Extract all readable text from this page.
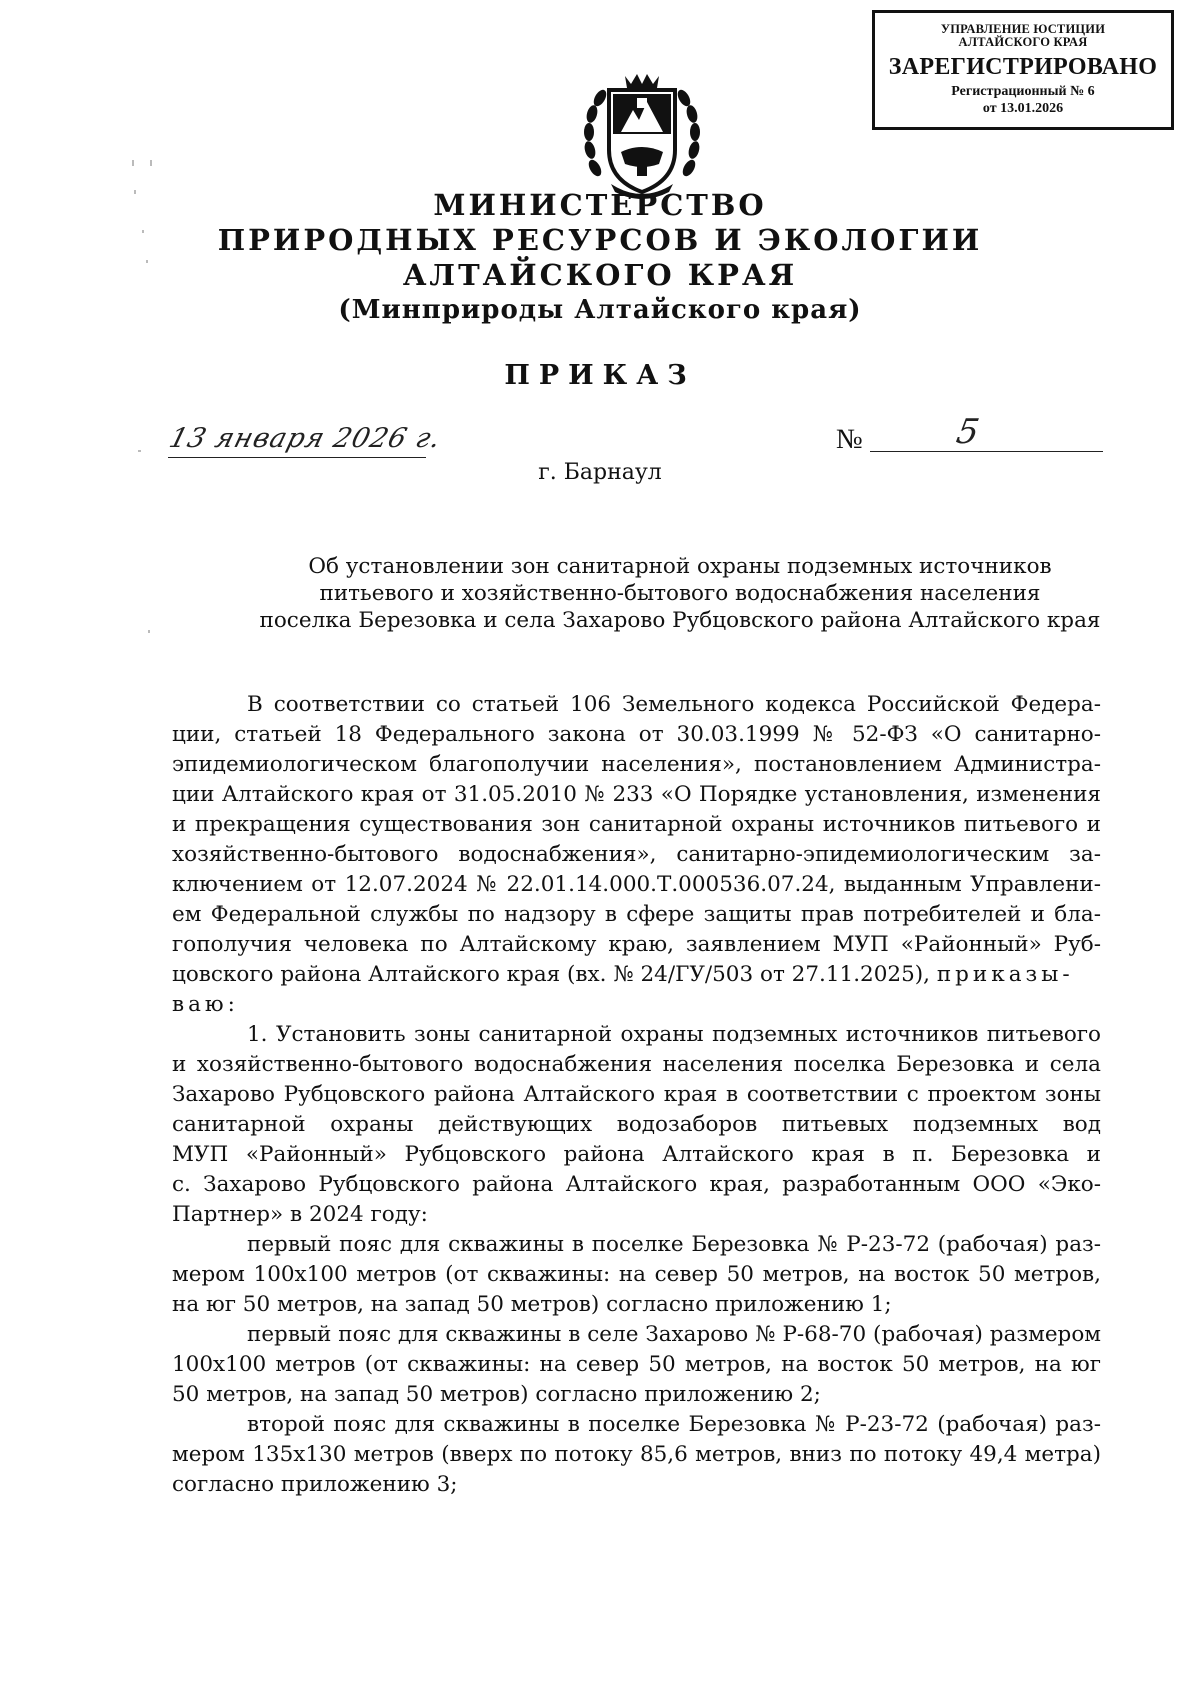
УПРАВЛЕНИЕ ЮСТИЦИИ
АЛТАЙСКОГО КРАЯ
ЗАРЕГИСТРИРОВАНО
Регистрационный № 6
от 13.01.2026
МИНИСТЕРСТВО
ПРИРОДНЫХ РЕСУРСОВ И ЭКОЛОГИИ
АЛТАЙСКОГО КРАЯ
(Минприроды Алтайского края)
ПРИКАЗ
13 января 2026 г.	№	5
г. Барнаул
Об установлении зон санитарной охраны подземных источников
питьевого и хозяйственно-бытового водоснабжения населения
поселка Березовка и села Захарово Рубцовского района Алтайского края
В соответствии со статьей 106 Земельного кодекса Российской Федера-
ции, статьей 18 Федерального закона от 30.03.1999 № 52-ФЗ «О санитарно-
эпидемиологическом благополучии населения», постановлением Администра-
ции Алтайского края от 31.05.2010 № 233 «О Порядке установления, изменения
и прекращения существования зон санитарной охраны источников питьевого и
хозяйственно-бытового водоснабжения», санитарно-эпидемиологическим за-
ключением от 12.07.2024 № 22.01.14.000.Т.000536.07.24, выданным Управлени-
ем Федеральной службы по надзору в сфере защиты прав потребителей и бла-
гополучия человека по Алтайскому краю, заявлением МУП «Районный» Руб-
цовского района Алтайского края (вх. № 24/ГУ/503 от 27.11.2025), приказы-
ваю:
1. Установить зоны санитарной охраны подземных источников питьевого
и хозяйственно-бытового водоснабжения населения поселка Березовка и села
Захарово Рубцовского района Алтайского края в соответствии с проектом зоны
санитарной охраны действующих водозаборов питьевых подземных вод
МУП «Районный» Рубцовского района Алтайского края в п. Березовка и
с. Захарово Рубцовского района Алтайского края, разработанным ООО «Эко-
Партнер» в 2024 году:
первый пояс для скважины в поселке Березовка № Р-23-72 (рабочая) раз-
мером 100х100 метров (от скважины: на север 50 метров, на восток 50 метров,
на юг 50 метров, на запад 50 метров) согласно приложению 1;
первый пояс для скважины в селе Захарово № Р-68-70 (рабочая) размером
100х100 метров (от скважины: на север 50 метров, на восток 50 метров, на юг
50 метров, на запад 50 метров) согласно приложению 2;
второй пояс для скважины в поселке Березовка № Р-23-72 (рабочая) раз-
мером 135х130 метров (вверх по потоку 85,6 метров, вниз по потоку 49,4 метра)
согласно приложению 3;
